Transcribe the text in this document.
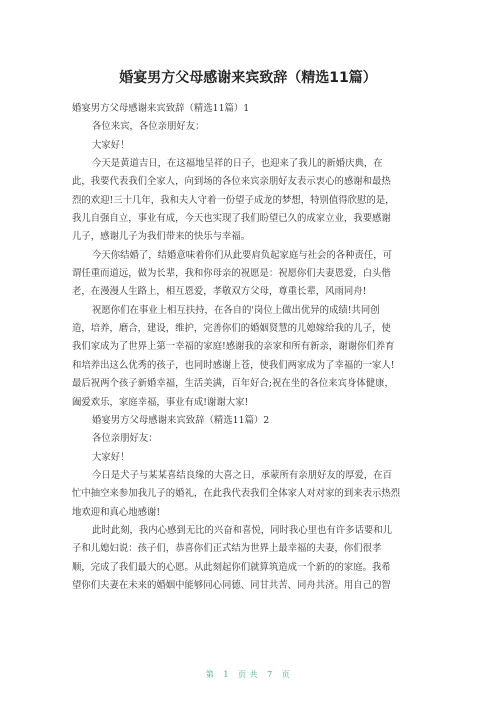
婚宴男方父母感谢来宾致辞（精选11篇）
婚宴男方父母感谢来宾致辞（精选11篇）1
各位来宾，各位亲朋好友：
大家好！
今天是黄道吉日，在这福地呈祥的日子，也迎来了我儿的新婚庆典，在
此，我要代表我们全家人，向到场的各位来宾亲朋好友表示衷心的感谢和最热
烈的欢迎!三十几年，我和夫人守着一份望子成龙的梦想，特别值得欣慰的是，
我儿自强自立，事业有成，今天也实现了我们盼望已久的成家立业，我要感谢
儿子，感谢儿子为我们带来的快乐与幸福。
今天你结婚了，结婚意味着你们从此要肩负起家庭与社会的各种责任，可
谓任重而道远，做为长辈，我和你母亲的祝愿是：祝愿你们夫妻恩爱，白头偕
老，在漫漫人生路上，相互恩爱，孝敬双方父母，尊重长辈，风雨同舟!
祝愿你们在事业上相互扶持，在各自的'岗位上做出优异的成绩!共同创
造，培养，磨合，建设，维护，完善你们的婚姻贤慧的儿媳嫁给我的儿子，使
我们家成为了世界上第一幸福的家庭!感谢我的亲家和所有新亲，谢谢你们养育
和培养出这么优秀的孩子，也同时感谢上苍，使我们两家成为了幸福的一家人!
最后祝两个孩子新婚幸福，生活美满，百年好合;祝在坐的各位来宾身体健康，
阖爱欢乐，家庭幸福，事业有成!谢谢大家!
婚宴男方父母感谢来宾致辞（精选11篇）2
各位亲朋好友：
大家好！
今日是犬子与某某喜结良缘的大喜之日，承蒙所有亲朋好友的厚爱，在百
忙中抽空来参加我儿子的婚礼，在此我代表我们全体家人对对家的到来表示热烈
地欢迎和真心地感谢!
此时此刻，我内心感到无比的兴奋和喜悦，同时我心里也有许多话要和儿
子和儿媳妇说：孩子们，恭喜你们正式结为世界上最幸福的夫妻，你们很孝
顺，完成了我们最大的心愿。从此刻起你们就算筑造成一个新的的家庭。我希
望你们夫妻在未来的婚姻中能够同心同德、同甘共苦、同舟共济。用自己的智
第 1 页 共 7 页
